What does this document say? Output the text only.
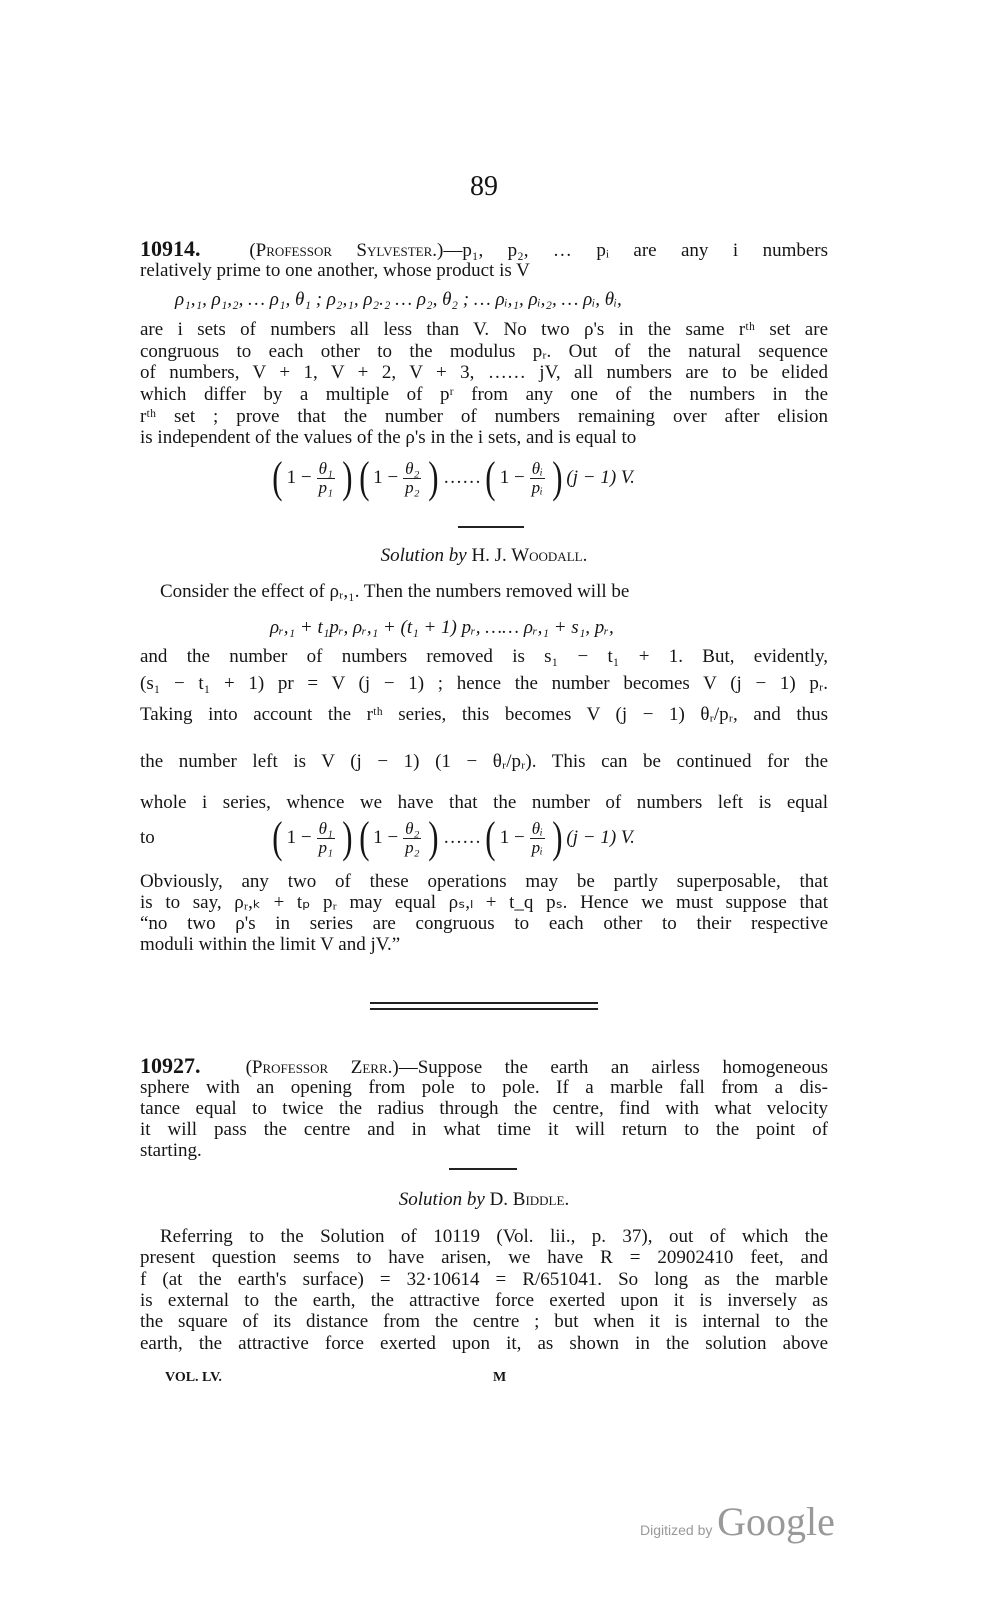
89
10914.	(Professor Sylvester.)—p₁, p₂, … pᵢ are any i numbers
relatively prime to one another, whose product is V
ρ₁,₁, ρ₁,₂, … ρ₁, θ₁ ; ρ₂,₁, ρ₂.₂ … ρ₂, θ₂ ; … ρᵢ,₁, ρᵢ,₂, … ρᵢ, θᵢ,
are i sets of numbers all less than V. No two ρ's in the same rᵗʰ set are
congruous to each other to the modulus pᵣ. Out of the natural sequence
of numbers, V + 1, V + 2, V + 3, …… jV, all numbers are to be elided
which differ by a multiple of pʳ from any one of the numbers in the
rᵗʰ set ; prove that the number of numbers remaining over after elision
is independent of the values of the ρ's in the i sets, and is equal to
( $1 - \frac{\text{θ₁}}{\text{p₁}}$ ) ( $1 - \frac{\text{θ₂}}{\text{p₂}}$ ) …… ( $1 - \frac{\text{θᵢ}}{\text{pᵢ}}$ ) (j − 1) V.
Solution by H. J. Woodall.
Consider the effect of ρᵣ,₁. Then the numbers removed will be
ρᵣ,₁ + t₁pᵣ, ρᵣ,₁ + (t₁ + 1) pᵣ, …… ρᵣ,₁ + s₁, pᵣ,
and the number of numbers removed is s₁ − t₁ + 1. But, evidently,
(s₁ − t₁ + 1) pr = V (j − 1) ; hence the number becomes V (j − 1) pᵣ.
Taking into account the rᵗʰ series, this becomes V (j − 1) θᵣ/pᵣ, and thus
the number left is V (j − 1) (1 − θᵣ/pᵣ). This can be continued for the
whole i series, whence we have that the number of numbers left is equal
to	( $1 - \frac{\text{θ₁}}{\text{p₁}}$ ) ( $1 - \frac{\text{θ₂}}{\text{p₂}}$ ) …… ( $1 - \frac{\text{θᵢ}}{\text{pᵢ}}$ ) (j − 1) V.
Obviously, any two of these operations may be partly superposable, that
is to say, ρᵣ,ₖ + tₚ pᵣ may equal ρₛ,ₗ + t_q pₛ. Hence we must suppose that
“no two ρ's in series are congruous to each other to their respective
moduli within the limit V and jV.”
10927. (Professor Zerr.)—Suppose the earth an airless homogeneous
sphere with an opening from pole to pole. If a marble fall from a dis-
tance equal to twice the radius through the centre, find with what velocity
it will pass the centre and in what time it will return to the point of
starting.
Solution by D. Biddle.
Referring to the Solution of 10119 (Vol. lii., p. 37), out of which the
present question seems to have arisen, we have R = 20902410 feet, and
f (at the earth's surface) = 32·10614 = R/651041. So long as the marble
is external to the earth, the attractive force exerted upon it is inversely as
the square of its distance from the centre ; but when it is internal to the
earth, the attractive force exerted upon it, as shown in the solution above
VOL. LV.	M
Digitized by Google
